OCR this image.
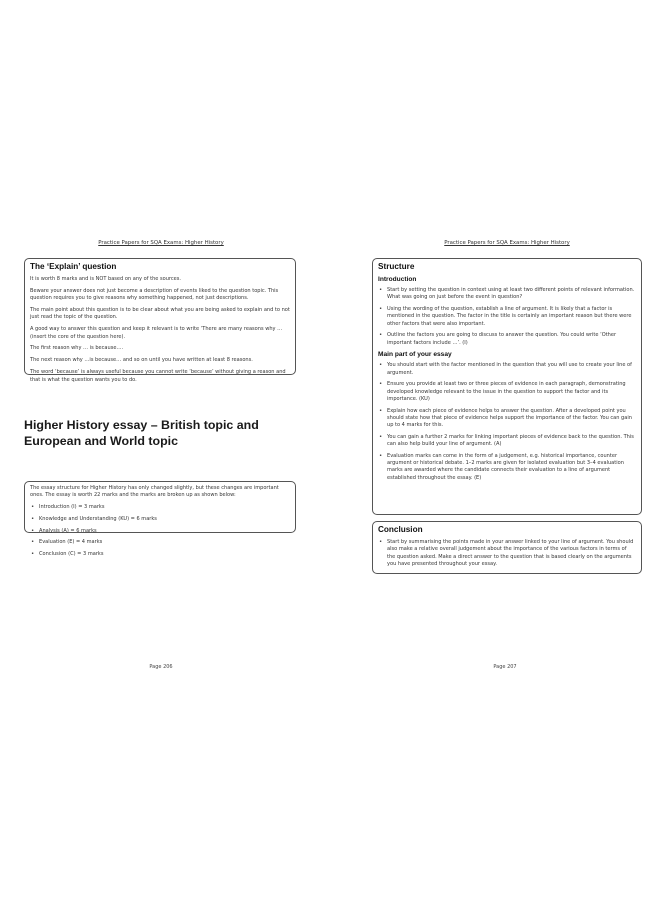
Practice Papers for SQA Exams: Higher History
The ‘Explain’ question

It is worth 8 marks and is NOT based on any of the sources.

Beware your answer does not just become a description of events liked to the question topic. This question requires you to give reasons why something happened, not just descriptions.

The main point about this question is to be clear about what you are being asked to explain and to not just read the topic of the question.

A good way to answer this question and keep it relevant is to write ‘There are many reasons why … (insert the core of the question here).

The first reason why … is because….

The next reason why …is because… and so on until you have written at least 8 reasons.

The word ‘because’ is always useful because you cannot write ‘because’ without giving a reason and that is what the question wants you to do.

Higher History essay – British topic and European and World topic

The essay structure for Higher History has only changed slightly, but these changes are important ones. The essay is worth 22 marks and the marks are broken up as shown below:

• Introduction (I) = 3 marks
• Knowledge and Understanding (KU) = 6 marks
• Analysis (A) = 6 marks
• Evaluation (E) = 4 marks
• Conclusion (C) = 3 marks
Page 206
Practice Papers for SQA Exams: Higher History
Structure
Introduction
• Start by setting the question in context using at least two different points of relevant information. What was going on just before the event in question?
• Using the wording of the question, establish a line of argument. It is likely that a factor is mentioned in the question. The factor in the title is certainly an important reason but there were other factors that were also important.
• Outline the factors you are going to discuss to answer the question. You could write ‘Other important factors include …’. (I)
Main part of your essay
• You should start with the factor mentioned in the question that you will use to create your line of argument.
• Ensure you provide at least two or three pieces of evidence in each paragraph, demonstrating developed knowledge relevant to the issue in the question to support the factor and its importance. (KU)
• Explain how each piece of evidence helps to answer the question. After a developed point you should state how that piece of evidence helps support the importance of the factor. You can gain up to 4 marks for this.
• You can gain a further 2 marks for linking important pieces of evidence back to the question. This can also help build your line of argument. (A)
• Evaluation marks can come in the form of a judgement, e.g. historical importance, counter argument or historical debate. 1–2 marks are given for isolated evaluation but 3–4 evaluation marks are awarded where the candidate connects their evaluation to a line of argument established throughout the essay. (E)
Conclusion
• Start by summarising the points made in your answer linked to your line of argument. You should also make a relative overall judgement about the importance of the various factors in terms of the question asked. Make a direct answer to the question that is based clearly on the arguments you have presented throughout your essay.
Page 207
